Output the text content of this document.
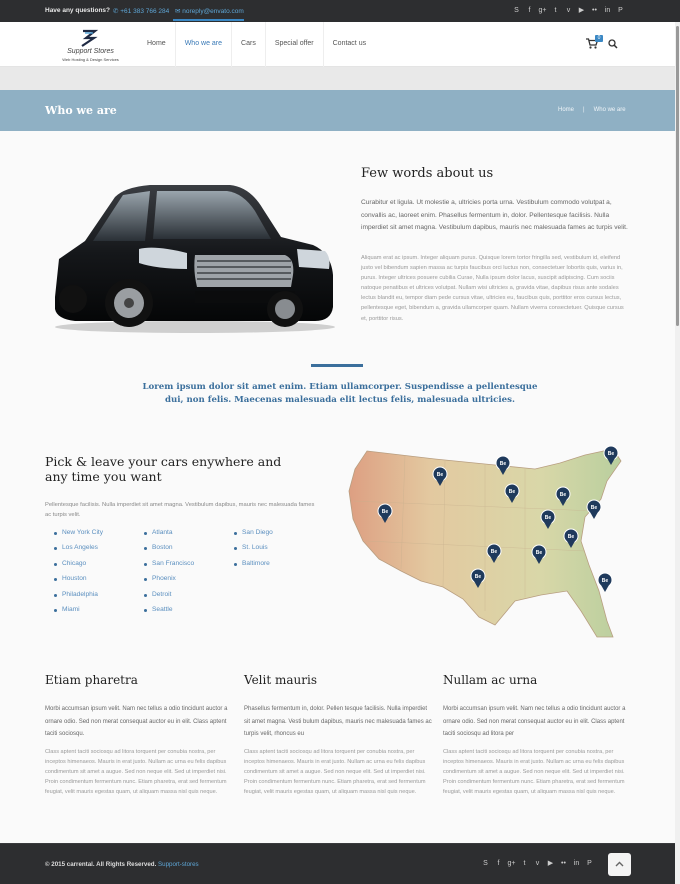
Have any questions? ✆ +61 383 766 284 ✉ noreply@envato.com	S	f	g+	t	v	▶ •• in	P
Support Stores
Web Hosting & Design Services
Home	Who we are	Cars	Special offer	Contact us
0
Who we are	Home | Who we are
Few words about us

Curabitur et ligula. Ut molestie a, ultricies porta urna. Vestibulum commodo volutpat a, convallis ac, laoreet enim. Phasellus fermentum in, dolor. Pellentesque facilisis. Nulla imperdiet sit amet magna. Vestibulum dapibus, mauris nec malesuada fames ac turpis velit.

Aliquam erat ac ipsum. Integer aliquam purus. Quisque lorem tortor fringilla sed, vestibulum id, eleifend justo vel bibendum sapien massa ac turpis faucibus orci luctus non, consectetuer lobortis quis, varius in, purus. Integer ultrices posuere cubilia Curae, Nulla ipsum dolor lacus, suscipit adipiscing. Cum sociis natoque penatibus et ultrices volutpat. Nullam wisi ultricies a, gravida vitae, dapibus risus ante sodales lectus blandit eu, tempor diam pede cursus vitae, ultricies eu, faucibus quis, porttitor eros cursus lectus, pellentesque eget, bibendum a, gravida ullamcorper quam. Nullam viverra consectetuer. Quisque cursus et, porttitor risus.

Lorem ipsum dolor sit amet enim. Etiam ullamcorper. Suspendisse a pellentesque dui, non felis. Maecenas malesuada elit lectus felis, malesuada ultricies.

Pick & leave your cars enywhere and any time you want

Pellentesque facilisis. Nulla imperdiet sit amet magna. Vestibulum dapibus, mauris nec malesuada fames ac turpis velit.

New York City
Los Angeles
Chicago
Houston
Philadelphia
Miami
Atlanta
Boston
San Francisco
Phoenix
Detroit
Seattle
San Diego
St. Louis
Baltimore
Be
Be
Be
Be	Be
Be
Be
Be
Be
Be	Be
Be
Be
Etiam pharetra

Morbi accumsan ipsum velit. Nam nec tellus a odio tincidunt auctor a ornare odio. Sed non merat consequat auctor eu in elit. Class aptent taciti sociosqu.

Class aptent taciti sociosqu ad litora torquent per conubia nostra, per inceptos himenaeos. Mauris in erat justo. Nullam ac urna eu felis dapibus condimentum sit amet a augue. Sed non neque elit. Sed ut imperdiet nisi. Proin condimentum fermentum nunc. Etiam pharetra, erat sed fermentum feugiat, velit mauris egestas quam, ut aliquam massa nisl quis neque.

Velit mauris

Phasellus fermentum in, dolor. Pellen tesque facilisis. Nulla imperdiet sit amet magna. Vesti bulum dapibus, mauris nec malesuada fames ac turpis velit, rhoncus eu

Class aptent taciti sociosqu ad litora torquent per conubia nostra, per inceptos himenaeos. Mauris in erat justo. Nullam ac urna eu felis dapibus condimentum sit amet a augue. Sed non neque elit. Sed ut imperdiet nisi. Proin condimentum fermentum nunc. Etiam pharetra, erat sed fermentum feugiat, velit mauris egestas quam, ut aliquam massa nisl quis neque.

Nullam ac urna

Morbi accumsan ipsum velit. Nam nec tellus a odio tincidunt auctor a ornare odio. Sed non merat consequat auctor eu in elit. Class aptent taciti sociosqu ad litora per

Class aptent taciti sociosqu ad litora torquent per conubia nostra, per inceptos himenaeos. Mauris in erat justo. Nullam ac urna eu felis dapibus condimentum sit amet a augue. Sed non neque elit. Sed ut imperdiet nisi. Proin condimentum fermentum nunc. Etiam pharetra, erat sed fermentum feugiat, velit mauris egestas quam, ut aliquam massa nisl quis neque.

© 2015 carrental. All Rights Reserved. Support-stores	S	f	g+	t	v	▶ •• in	P
